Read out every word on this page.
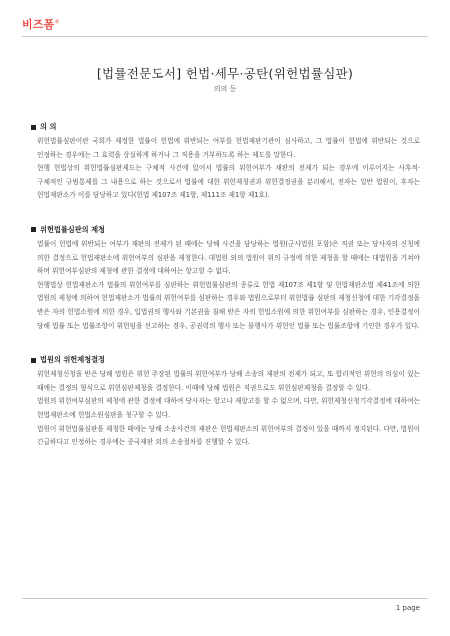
비즈폼®
[법률전문도서] 헌법·세무·공탄(위헌법률심판)
의의 등
의 의

위헌법률심판이란 국회가 제정한 법률이 헌법에 위반되는 여부를 헌법재판기관이 심사하고, 그 법률이 헌법에 위반되는 것으로 인정하는 경우에는 그 효력을 상실하게 하거나 그 적용을 거부하도록 하는 제도를 말한다.

현행 헌법상의 위헌법률심판제도는 구체적 사건에 있어서 법률의 위헌여부가 재판의 전제가 되는 경우에 이루어지는 사후적·구체적인 규범통제를 그 내용으로 하는 것으로서 법률에 대한 위헌제청권과 위헌결정권을 분리해서, 전자는 일반 법원이, 후자는 헌법재판소가 이를 담당하고 있다(헌법 제107조 제1항, 제111조 제1항 제1호).

위헌법률심판의 제청

법률이 헌법에 위반되는 여부가 재판의 전제가 된 때에는 당해 사건을 담당하는 법원(군사법원 포함)은 직권 또는 당사자의 신청에 의한 결정으로 헌법재판소에 위헌여부의 심판을 제청한다. 대법원 외의 법원이 위의 규정에 의한 제청을 할 때에는 대법원을 거쳐야 하며 위헌여부심판의 제청에 관한 결정에 대하여는 항고할 수 없다.

현행법상 헌법재판소가 법률의 위헌여부를 심판하는 위헌법률심판의 종류로 헌법 제107조 제1항 및 헌법재판소법 제41조에 의한 법원의 제청에 의하여 헌법재판소가 법률의 위헌여부를 심판하는 경우와 법원으로부터 위헌법률 심판의 제청신청에 대한 기각결정을 받은 자의 헌법소원에 의한 경우, 입법권의 행사와 기본권을 침해 받은 자의 헌법소원에 의한 위헌여부를 심판하는 경우, 인용결정이 당해 법률 또는 법률조항이 위헌임을 선고하는 경우, 공권력의 행사 또는 불행사가 위헌인 법률 또는 법률조항에 기인한 경우가 있다.

법원의 위헌제청결정

위헌제청신청을 받은 당해 법원은 위헌 주장된 법률의 위헌여부가 당해 소송의 재판의 전제가 되고, 또 합리적인 위헌의 의심이 있는 때에는 결정의 형식으로 위헌심판제청을 결정한다. 이때에 당해 법원은 직권으로도 위헌심판제청을 결정할 수 있다.

법원의 위헌여부심판의 제청에 관한 결정에 대하여 당사자는 항고나 재항고를 할 수 없으며, 다만, 위헌제청신청기각결정에 대하여는 헌법재판소에 헌법소원심판을 청구할 수 있다.

법원이 위헌법률심판을 제청한 때에는 당해 소송사건의 재판은 헌법재판소의 위헌여부의 결정이 있을 때까지 정지된다. 다만, 법원이 긴급하다고 인정하는 경우에는 종국재판 외의 소송절차를 진행할 수 있다.

1 page
